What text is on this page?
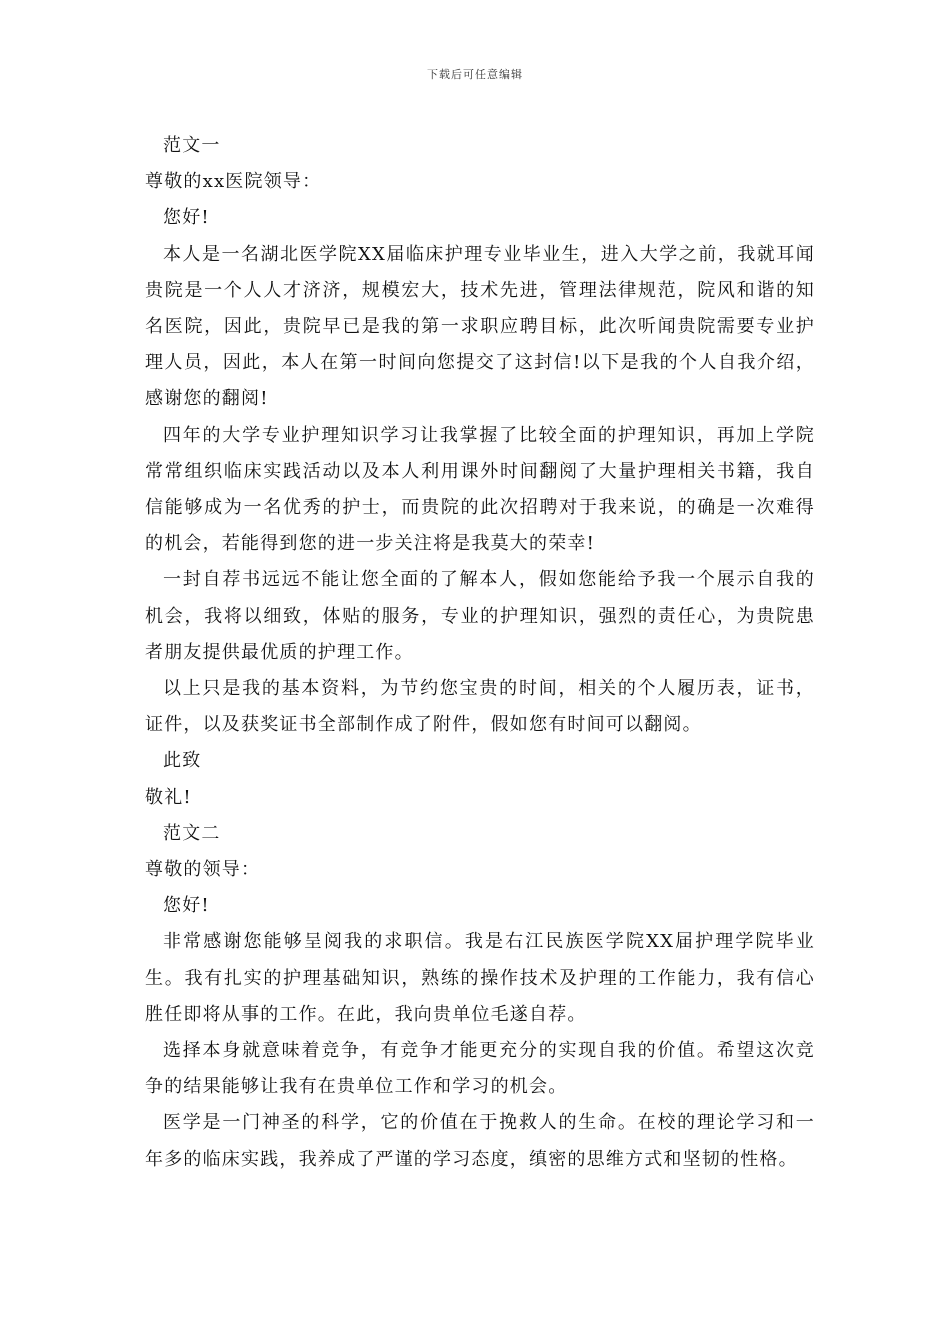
下载后可任意编辑

范文一

尊敬的xx医院领导：

您好!

本人是一名湖北医学院XX届临床护理专业毕业生，进入大学之前，我就耳闻贵院是一个人人才济济，规模宏大，技术先进，管理法律规范，院风和谐的知名医院，因此，贵院早已是我的第一求职应聘目标，此次听闻贵院需要专业护理人员，因此，本人在第一时间向您提交了这封信!以下是我的个人自我介绍，感谢您的翻阅!

四年的大学专业护理知识学习让我掌握了比较全面的护理知识，再加上学院常常组织临床实践活动以及本人利用课外时间翻阅了大量护理相关书籍，我自信能够成为一名优秀的护士，而贵院的此次招聘对于我来说，的确是一次难得的机会，若能得到您的进一步关注将是我莫大的荣幸!

一封自荐书远远不能让您全面的了解本人，假如您能给予我一个展示自我的机会，我将以细致，体贴的服务，专业的护理知识，强烈的责任心，为贵院患者朋友提供最优质的护理工作。

以上只是我的基本资料，为节约您宝贵的时间，相关的个人履历表，证书，证件，以及获奖证书全部制作成了附件，假如您有时间可以翻阅。

此致

敬礼!

范文二

尊敬的领导：

您好!

非常感谢您能够呈阅我的求职信。我是右江民族医学院XX届护理学院毕业生。我有扎实的护理基础知识，熟练的操作技术及护理的工作能力，我有信心胜任即将从事的工作。在此，我向贵单位毛遂自荐。

选择本身就意味着竞争，有竞争才能更充分的实现自我的价值。希望这次竞争的结果能够让我有在贵单位工作和学习的机会。

医学是一门神圣的科学，它的价值在于挽救人的生命。在校的理论学习和一年多的临床实践，我养成了严谨的学习态度，缜密的思维方式和坚韧的性格。
